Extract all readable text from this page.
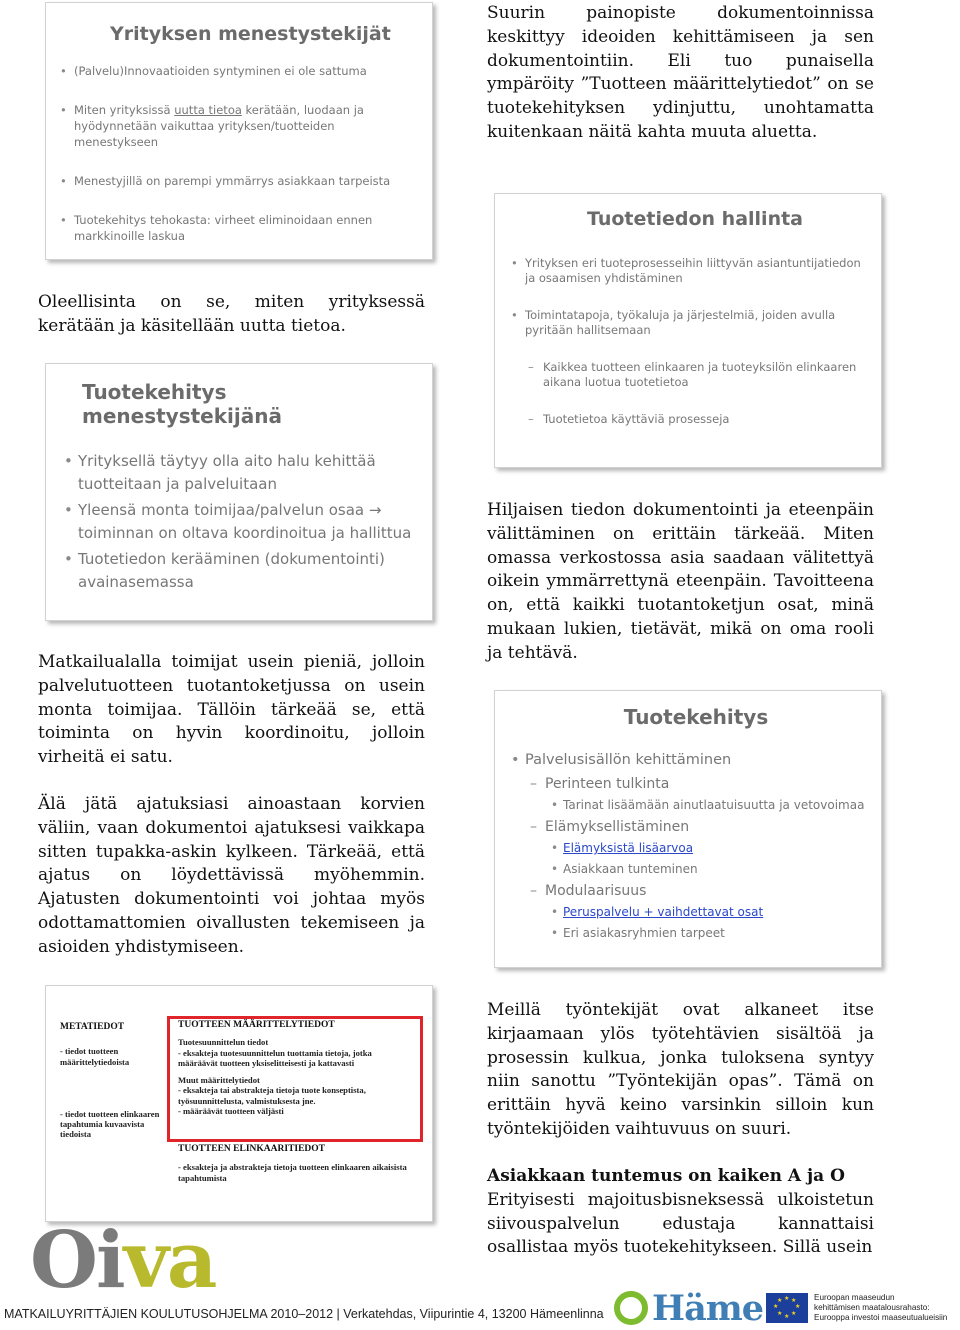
Yrityksen menestystekijät
• (Palvelu)Innovaatioiden syntyminen ei ole sattuma
• Miten yrityksissä uutta tietoa kerätään, luodaan ja hyödynnetään vaikuttaa yrityksen/tuotteiden menestykseen
• Menestyjillä on parempi ymmärrys asiakkaan tarpeista
• Tuotekehitys tehokasta: virheet eliminoidaan ennen markkinoille laskua

Suurin painopiste dokumentoinnissa keskittyy ideoiden kehittämiseen ja sen dokumentointiin. Eli tuo punaisella ympäröity ”Tuotteen määrittelytiedot” on se tuotekehityksen ydinjuttu, unohtamatta kuitenkaan näitä kahta muuta aluetta.

Tuotetiedon hallinta
• Yrityksen eri tuoteprosesseihin liittyvän asiantuntijatiedon ja osaamisen yhdistäminen
• Toimintatapoja, työkaluja ja järjestelmiä, joiden avulla pyritään hallitsemaan
– Kaikkea tuotteen elinkaaren ja tuoteyksilön elinkaaren aikana luotua tuotetietoa
– Tuotetietoa käyttäviä prosesseja

Oleellisinta on se, miten yrityksessä kerätään ja käsitellään uutta tietoa.

Tuotekehitys menestystekijänä
• Yrityksellä täytyy olla aito halu kehittää tuotteitaan ja palveluitaan
• Yleensä monta toimijaa/palvelun osaa → toiminnan on oltava koordinoitua ja hallittua
• Tuotetiedon kerääminen (dokumentointi) avainasemassa

Hiljaisen tiedon dokumentointi ja eteenpäin välittäminen on erittäin tärkeää. Miten omassa verkostossa asia saadaan välitettyä oikein ymmärrettynä eteenpäin. Tavoitteena on, että kaikki tuotantoketjun osat, minä mukaan lukien, tietävät, mikä on oma rooli ja tehtävä.

Matkailualalla toimijat usein pieniä, jolloin palvelutuotteen tuotantoketjussa on usein monta toimijaa. Tällöin tärkeää se, että toiminta on hyvin koordinoitu, jolloin virheitä ei satu.

Tuotekehitys
• Palvelusisällön kehittäminen
– Perinteen tulkinta
• Tarinat lisäämään ainutlaatuisuutta ja vetovoimaa
– Elämyksellistäminen
• Elämyksistä lisäarvoa
• Asiakkaan tunteminen
– Modulaarisuus
• Peruspalvelu + vaihdettavat osat
• Eri asiakasryhmien tarpeet

Älä jätä ajatuksiasi ainoastaan korvien väliin, vaan dokumentoi ajatuksesi vaikkapa sitten tupakka-askin kylkeen. Tärkeää, että ajatus on löydettävissä myöhemmin. Ajatusten dokumentointi voi johtaa myös odottamattomien oivallusten tekemiseen ja asioiden yhdistymiseen.

METATIEDOT
- tiedot tuotteen määrittelytiedoista
- tiedot tuotteen elinkaaren tapahtumia kuvaavista tiedoista
TUOTTEEN MÄÄRITTELYTIEDOT
Tuotesuunnittelun tiedot
- eksakteja tuotesuunnittelun tuottamia tietoja, jotka määräävät tuotteen yksiselitteisesti ja kattavasti
Muut määrittelytiedot
- eksakteja tai abstrakteja tietoja tuote konseptista, työsuunnittelusta, valmistuksesta jne.
- määräävät tuotteen väljästi
TUOTTEEN ELINKAARITIEDOT
- eksakteja ja abstrakteja tietoja tuotteen elinkaaren aikaisista tapahtumista

Meillä työntekijät ovat alkaneet itse kirjaamaan ylös työtehtävien sisältöä ja prosessin kulkua, jonka tuloksena syntyy niin sanottu ”Työntekijän opas”. Tämä on erittäin hyvä keino varsinkin silloin kun työntekijöiden vaihtuvuus on suuri.

Asiakkaan tuntemus on kaiken A ja O
Erityisesti majoitusbisneksessä ulkoistetun siivouspalvelun edustaja kannattaisi osallistaa myös tuotekehitykseen. Sillä usein
Oiva
MATKAILUYRITTÄJIEN KOULUTUSOHJELMA 2010–2012 | Verkatehdas, Viipurintie 4, 13200 Hämeenlinna Häme	★ ★
★
★
★
★
★
★	Euroopan maaseudun
kehittämisen maatalousrahasto:
Eurooppa investoi maaseutualueisiin
